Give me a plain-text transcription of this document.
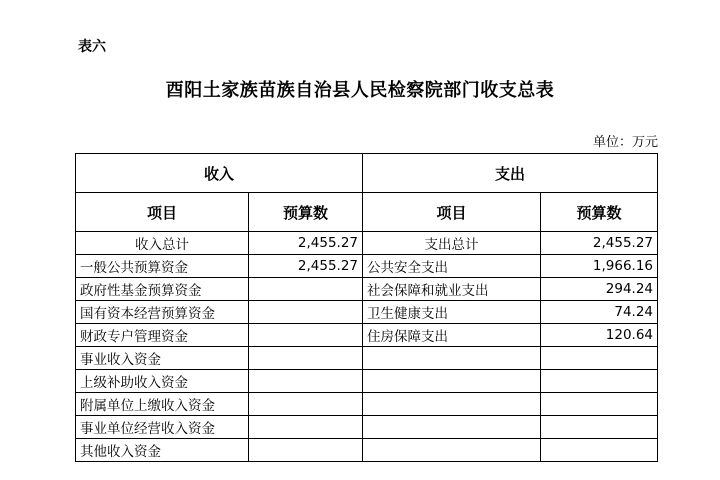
表六
酉阳土家族苗族自治县人民检察院部门收支总表
单位：万元
收入		支出	
项目	预算数	项目	预算数
收入总计	2,455.27	支出总计	2,455.27
一般公共预算资金	2,455.27	公共安全支出	1,966.16
政府性基金预算资金		社会保障和就业支出	294.24
国有资本经营预算资金		卫生健康支出	74.24
财政专户管理资金		住房保障支出	120.64
事业收入资金			
上级补助收入资金			
附属单位上缴收入资金			
事业单位经营收入资金			
其他收入资金			
